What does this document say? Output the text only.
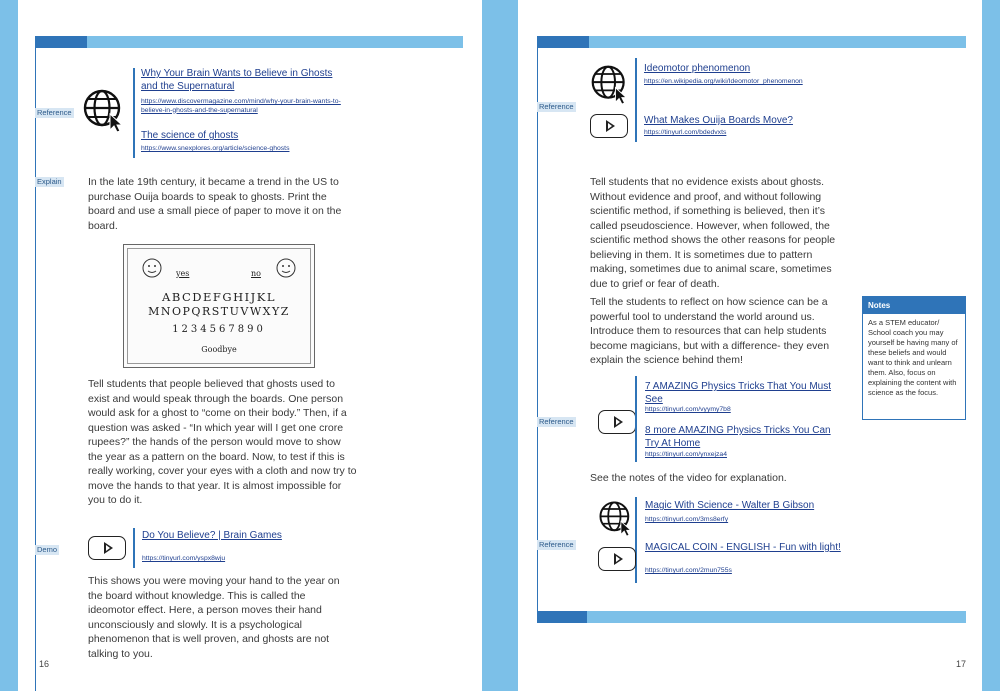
Reference
Why Your Brain Wants to Believe in Ghosts and the Supernatural
https://www.discovermagazine.com/mind/why-your-brain-wants-to-believe-in-ghosts-and-the-supernatural
The science of ghosts
https://www.snexplores.org/article/science-ghosts
Explain	In the late 19th century, it became a trend in the US to purchase Ouija boards to speak to ghosts. Print the board and use a small piece of paper to move it on the board.
yes	no
ABCDEFGHIJKL
MNOPQRSTUVWXYZ
1234567890
Goodbye
Tell students that people believed that ghosts used to exist and would speak through the boards. One person would ask for a ghost to “come on their body.” Then, if a question was asked - “In which year will I get one crore rupees?” the hands of the person would move to show the year as a pattern on the board. Now, to test if this is really working, cover your eyes with a cloth and now try to move the hands to that year. It is almost impossible for you to do it.
Demo
Do You Believe? | Brain Games
https://tinyurl.com/yspx8wju
This shows you were moving your hand to the year on the board without knowledge. This is called the ideomotor effect. Here, a person moves their hand unconsciously and slowly. It is a psychological phenomenon that is well proven, and ghosts are not talking to you.
16
Reference
Ideomotor phenomenon
https://en.wikipedia.org/wiki/Ideomotor_phenomenon
What Makes Ouija Boards Move?
https://tinyurl.com/bdedvxts
Tell students that no evidence exists about ghosts. Without evidence and proof, and without following scientific method, if something is believed, then it’s called pseudoscience. However, when followed, the scientific method shows the other reasons for people believing in them. It is sometimes due to pattern making, sometimes due to animal scare, sometimes due to grief or fear of death.
Tell the students to reflect on how science can be a powerful tool to understand the world around us. Introduce them to resources that can help students become magicians, but with a difference- they even explain the science behind them!
Reference
7 AMAZING Physics Tricks That You Must See
https://tinyurl.com/vyymy7b8
8 more AMAZING Physics Tricks You Can Try At Home
https://tinyurl.com/ynxejza4
See the notes of the video for explanation.
Reference
Magic With Science - Walter B Gibson
https://tinyurl.com/3ms8erfy
MAGICAL COIN - ENGLISH - Fun with light!
https://tinyurl.com/2mun755s
Notes
As a STEM educator/ School coach you may yourself be having many of these beliefs and would want to think and unlearn them. Also, focus on explaining the content with science as the focus.
17
